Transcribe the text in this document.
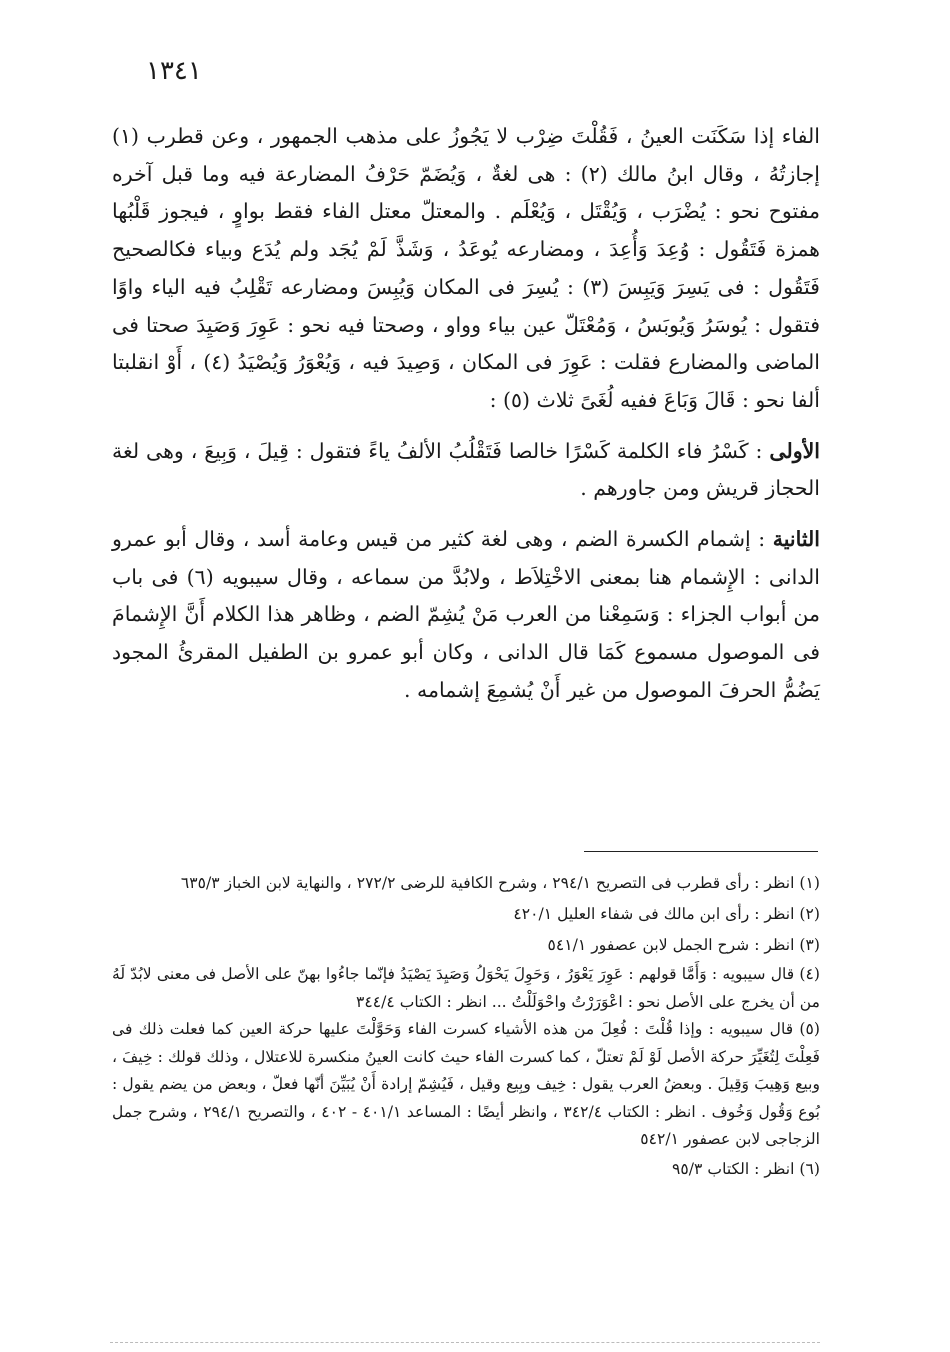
١٣٤١

الفاء إذا سَكَنَت العينُ ، فَقُلْتَ ضِرْب لا يَجُوزُ على مذهب الجمهور ، وعن قطرب (١) إجازتُهُ ، وقال ابنُ مالك (٢) : هى لغةٌ ، وَيُضَمّ حَرْفُ المضارعة فيه وما قبل آخره مفتوح نحو : يُضْرَب ، وَيُقْتَل ، وَيُعْلَم . والمعتلّ معتل الفاء فقط بواوٍ ، فيجوز قَلْبُها همزة فَتَقُول : وُعِدَ وَأُعِدَ ، ومضارعه يُوعَدُ ، وَشَذَّ لَمْ يُجَد ولم يُدَع وبياء فكالصحيح فَتَقُول : فى يَسِرَ وَيَبِسَ (٣) : يُسِرَ فى المكان وَيُبِسَ ومضارعه تَقْلِبُ فيه الياء واوًا فتقول : يُوسَرُ وَيُوبَسُ ، وَمُعْتَلّ عين بياء وواو ، وصحتا فيه نحو : عَوِرَ وَصَيِدَ صحتا فى الماضى والمضارع فقلت : عَوِرَ فى المكان ، وَصِيدَ فيه ، وَيُعْوَرُ وَيُصْيَدُ (٤) ، أَوْ انقلبتا ألفا نحو : قَالَ وَبَاعَ ففيه لُغَىً ثلاث (٥) :

الأولى : كَسْرُ فاء الكلمة كَسْرًا خالصا فَتَقْلُبُ الألفُ ياءً فتقول : قِيلَ ، وَبِيعَ ، وهى لغة الحجاز قريش ومن جاورهم .

الثانية : إشمام الكسرة الضم ، وهى لغة كثير من قيس وعامة أسد ، وقال أبو عمرو الدانى : الإِشمام هنا بمعنى الاخْتِلاَط ، ولابُدَّ من سماعه ، وقال سيبويه (٦) فى باب من أبواب الجزاء : وَسَمِعْنا من العرب مَنْ يُشِمّ الضم ، وظاهر هذا الكلام أَنَّ الإِشمامَ فى الموصول مسموع كَمَا قال الدانى ، وكان أبو عمرو بن الطفيل المقرئُ المجود يَضُمُّ الحرفَ الموصول من غير أَنْ يُشمِعَ إشمامه .

(١) انظر : رأى قطرب فى التصريح ٢٩٤/١ ، وشرح الكافية للرضى ٢٧٢/٢ ، والنهاية لابن الخباز ٦٣٥/٣

(٢) انظر : رأى ابن مالك فى شفاء العليل ٤٢٠/١

(٣) انظر : شرح الجمل لابن عصفور ٥٤١/١

(٤) قال سيبويه : وَأَمَّا قولهم : عَوِرَ يَعْوَرُ ، وَحَوِلَ يَحْوَلُ وَصَيِدَ يَصْيَدُ فإنّما جاءُوا بهنّ على الأصل فى معنى لابُدّ لَهُ من أن يخرج على الأصل نحو : اعْوَرَرْتُ واحْوَلَلْتُ ... انظر : الكتاب ٣٤٤/٤

(٥) قال سيبويه : وإذا قُلْتَ : فُعِلَ من هذه الأشياء كسرت الفاء وَحَوَّلْتَ عليها حركة العين كما فعلت ذلك فى فَعِلْتَ لِتُغَيِّرَ حركة الأصل لَوْ لَمْ تعتلّ ، كما كسرت الفاء حيث كانت العينُ منكسرة للاعتلال ، وذلك قولك : خِيفَ ، وبيع وَهِيبَ وَقِيلَ . وبعضُ العرب يقول : خِيف وبِيع وقيل ، فَيُشِمّ إرادة أَنْ يُبَيِّنَ أنّها فعلّ ، وبعض من يضم يقول : بُوع وَقُول وَخُوف . انظر : الكتاب ٣٤٢/٤ ، وانظر أيضًا : المساعد ٤٠١/١ - ٤٠٢ ، والتصريح ٢٩٤/١ ، وشرح جمل الزجاجى لابن عصفور ٥٤٢/١

(٦) انظر : الكتاب ٩٥/٣
